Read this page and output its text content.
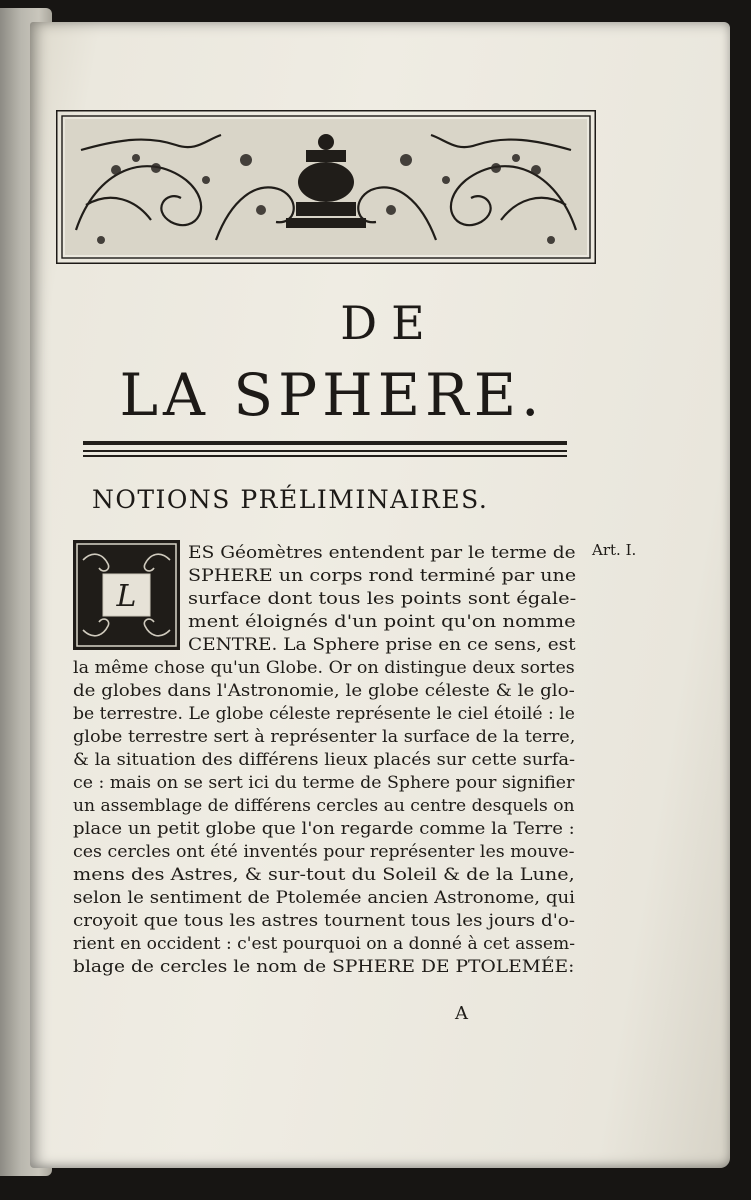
DE
LA SPHERE.
NOTIONS PRÉLIMINAIRES.
L
Art. I.
ES Géomètres entendent par le terme de
SPHERE un corps rond terminé par une
surface dont tous les points sont égale-
ment éloignés d'un point qu'on nomme
CENTRE. La Sphere prise en ce sens, est
la même chose qu'un Globe. Or on distingue deux sortes
de globes dans l'Astronomie, le globe céleste & le glo-
be terrestre. Le globe céleste représente le ciel étoilé : le
globe terrestre sert à représenter la surface de la terre,
& la situation des différens lieux placés sur cette surfa-
ce : mais on se sert ici du terme de Sphere pour signifier
un assemblage de différens cercles au centre desquels on
place un petit globe que l'on regarde comme la Terre :
ces cercles ont été inventés pour représenter les mouve-
mens des Astres, & sur-tout du Soleil & de la Lune,
selon le sentiment de Ptolemée ancien Astronome, qui
croyoit que tous les astres tournent tous les jours d'o-
rient en occident : c'est pourquoi on a donné à cet assem-
blage de cercles le nom de SPHERE DE PTOLEMÉE:
A
